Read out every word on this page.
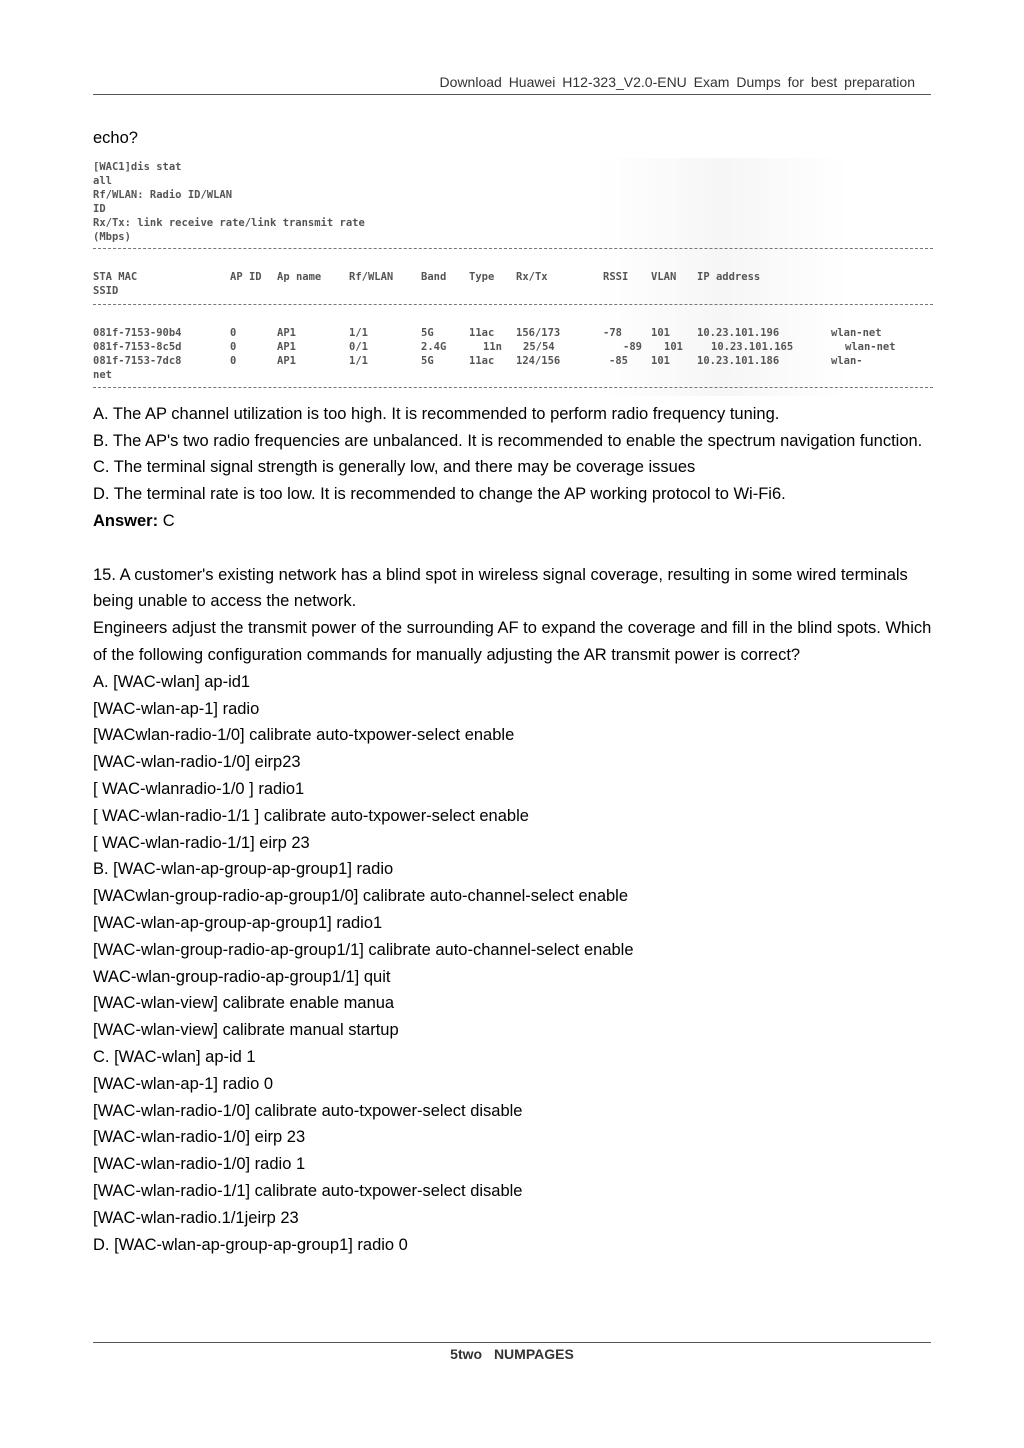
Download Huawei H12-323_V2.0-ENU Exam Dumps for best preparation
echo?
[WAC1]dis stat
all
Rf/WLAN: Radio ID/WLAN
ID
Rx/Tx: link receive rate/link transmit rate
(Mbps)
STA MAC	AP ID Ap name	Rf/WLAN	Band Type Rx/Tx	RSSI VLAN IP address
SSID
081f-7153-90b4	0	AP1	1/1	5G	11ac 156/173	-78	101	10.23.101.196	wlan-net
081f-7153-8c5d	0	AP1	0/1	2.4G	11n 25/54	-89 101	10.23.101.165	wlan-net
081f-7153-7dc8	0	AP1	1/1	5G	11ac 124/156	-85 101	10.23.101.186	wlan-
net
A. The AP channel utilization is too high. It is recommended to perform radio frequency tuning.
B. The AP's two radio frequencies are unbalanced. It is recommended to enable the spectrum navigation function.
C. The terminal signal strength is generally low, and there may be coverage issues
D. The terminal rate is too low. It is recommended to change the AP working protocol to Wi-Fi6.
Answer: C
15. A customer's existing network has a blind spot in wireless signal coverage, resulting in some wired terminals being unable to access the network.
Engineers adjust the transmit power of the surrounding AF to expand the coverage and fill in the blind spots. Which of the following configuration commands for manually adjusting the AR transmit power is correct?
A. [WAC-wlan] ap-id1
[WAC-wlan-ap-1] radio
[WACwlan-radio-1/0] calibrate auto-txpower-select enable
[WAC-wlan-radio-1/0] eirp23
[ WAC-wlanradio-1/0 ] radio1
[ WAC-wlan-radio-1/1 ] calibrate auto-txpower-select enable
[ WAC-wlan-radio-1/1] eirp 23
B. [WAC-wlan-ap-group-ap-group1] radio
[WACwlan-group-radio-ap-group1/0] calibrate auto-channel-select enable
[WAC-wlan-ap-group-ap-group1] radio1
[WAC-wlan-group-radio-ap-group1/1] calibrate auto-channel-select enable
WAC-wlan-group-radio-ap-group1/1] quit
[WAC-wlan-view] calibrate enable manua
[WAC-wlan-view] calibrate manual startup
C. [WAC-wlan] ap-id 1
[WAC-wlan-ap-1] radio 0
[WAC-wlan-radio-1/0] calibrate auto-txpower-select disable
[WAC-wlan-radio-1/0] eirp 23
[WAC-wlan-radio-1/0] radio 1
[WAC-wlan-radio-1/1] calibrate auto-txpower-select disable
[WAC-wlan-radio.1/1jeirp 23
D. [WAC-wlan-ap-group-ap-group1] radio 0
5two NUMPAGES
